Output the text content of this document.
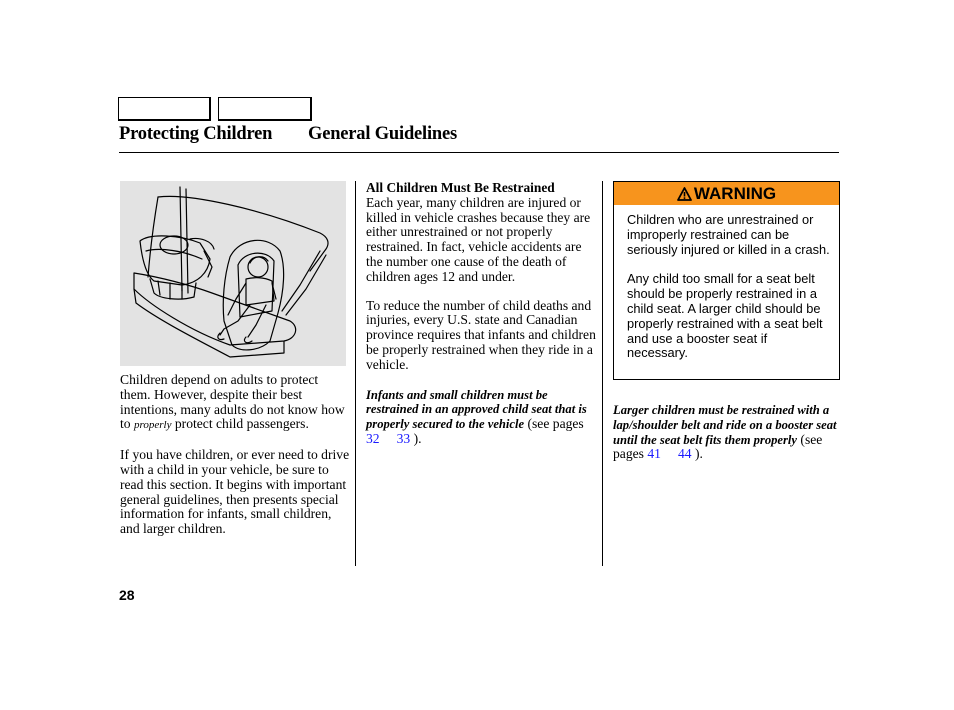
Protecting Children General Guidelines

Children depend on adults to protect them. However, despite their best intentions, many adults do not know how to properly protect child passengers.

If you have children, or ever need to drive with a child in your vehicle, be sure to read this section. It begins with important general guidelines, then presents special information for infants, small children, and larger children.

All Children Must Be Restrained

Each year, many children are injured or killed in vehicle crashes because they are either unrestrained or not properly restrained. In fact, vehicle accidents are the number one cause of the death of children ages 12 and under.

To reduce the number of child deaths and injuries, every U.S. state and Canadian province requires that infants and children be properly restrained when they ride in a vehicle.

Infants and small children must be restrained in an approved child seat that is properly secured to the vehicle (see pages 32 33 ).

WARNING

Children who are unrestrained or improperly restrained can be seriously injured or killed in a crash.

Any child too small for a seat belt should be properly restrained in a child seat. A larger child should be properly restrained with a seat belt and use a booster seat if necessary.

Larger children must be restrained with a lap/shoulder belt and ride on a booster seat until the seat belt fits them properly (see pages 41 44 ).

28
